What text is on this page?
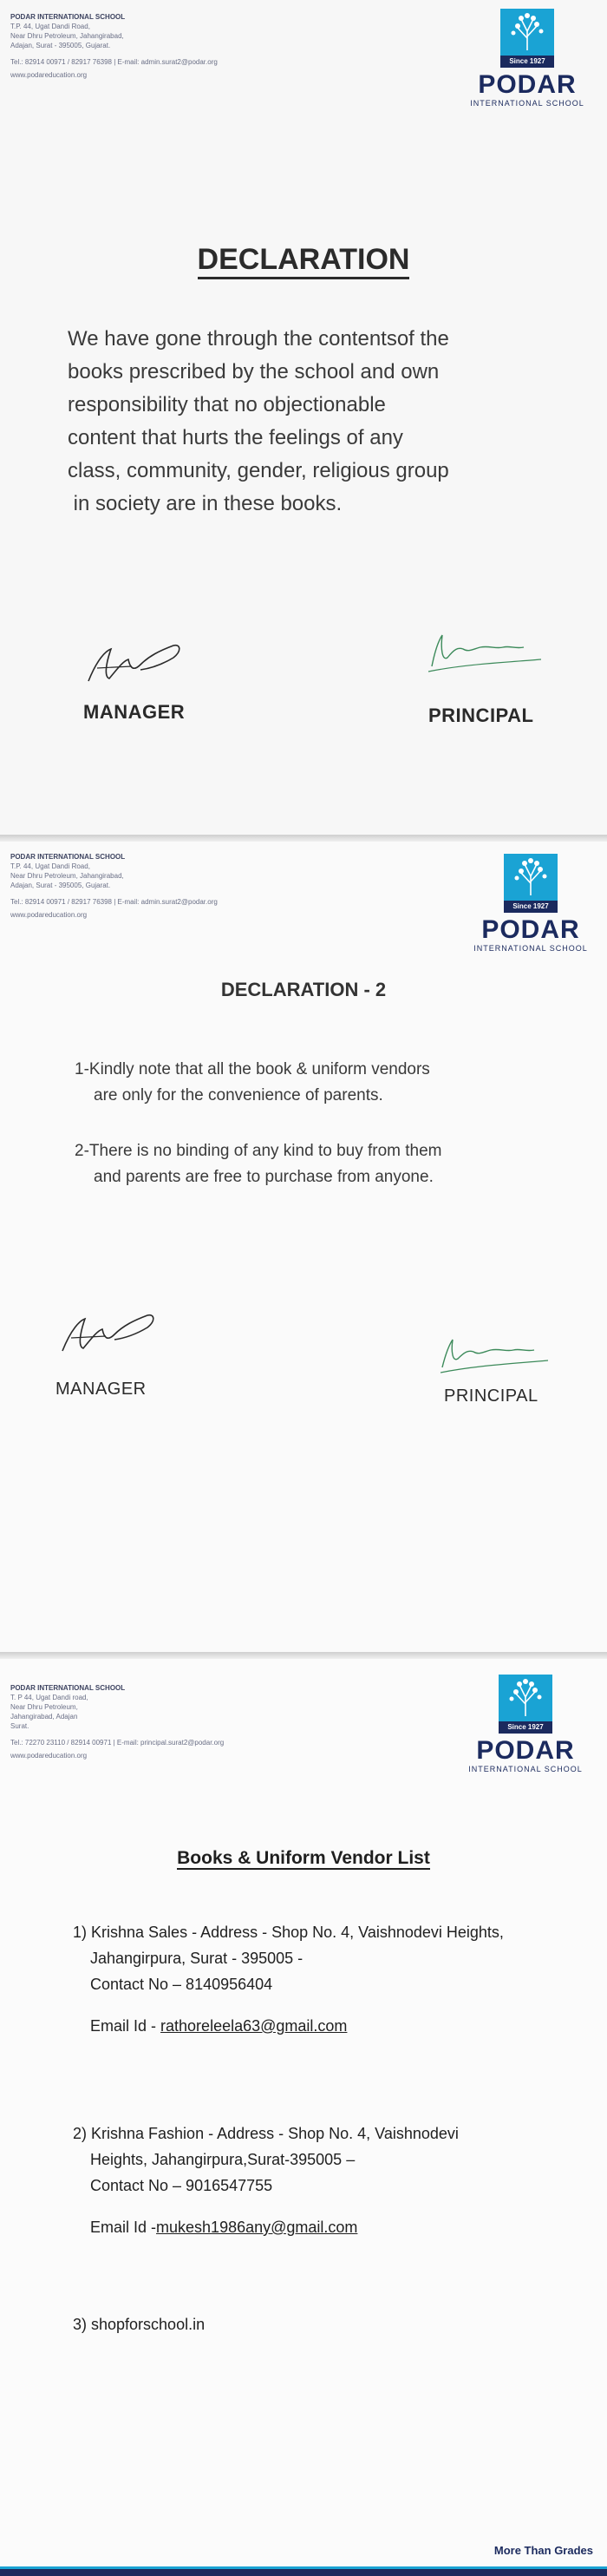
PODAR INTERNATIONAL SCHOOL
T.P. 44, Ugat Dandi Road,
Near Dhru Petroleum, Jahangirabad,
Adajan, Surat - 395005, Gujarat.
Tel.: 82914 00971 / 82917 76398 | E-mail: admin.surat2@podar.org
www.podareducation.org
Since 1927
PODAR
INTERNATIONAL SCHOOL
DECLARATION
We have gone through the contentsof the
books prescribed by the school and own
responsibility that no objectionable
content that hurts the feelings of any
class, community, gender, religious group
in society are in these books.
MANAGER	PRINCIPAL
PODAR INTERNATIONAL SCHOOL
T.P. 44, Ugat Dandi Road,
Near Dhru Petroleum, Jahangirabad,
Adajan, Surat - 395005, Gujarat.
Tel.: 82914 00971 / 82917 76398 | E-mail: admin.surat2@podar.org
www.podareducation.org
Since 1927
PODAR
INTERNATIONAL SCHOOL
DECLARATION - 2
1-Kindly note that all the book & uniform vendors
are only for the convenience of parents.
2-There is no binding of any kind to buy from them
and parents are free to purchase from anyone.
MANAGER	PRINCIPAL
PODAR INTERNATIONAL SCHOOL
T. P 44, Ugat Dandi road,
Near Dhru Petroleum,
Jahangirabad, Adajan
Surat.
Tel.: 72270 23110 / 82914 00971 | E-mail: principal.surat2@podar.org
www.podareducation.org
Since 1927
PODAR
INTERNATIONAL SCHOOL
Books & Uniform Vendor List
1) Krishna Sales - Address - Shop No. 4, Vaishnodevi Heights,
Jahangirpura, Surat - 395005 -
Contact No – 8140956404
Email Id - rathoreleela63@gmail.com
2) Krishna Fashion - Address - Shop No. 4, Vaishnodevi
Heights, Jahangirpura,Surat-395005 –
Contact No – 9016547755
Email Id -mukesh1986any@gmail.com
3) shopforschool.in
More Than Grades
